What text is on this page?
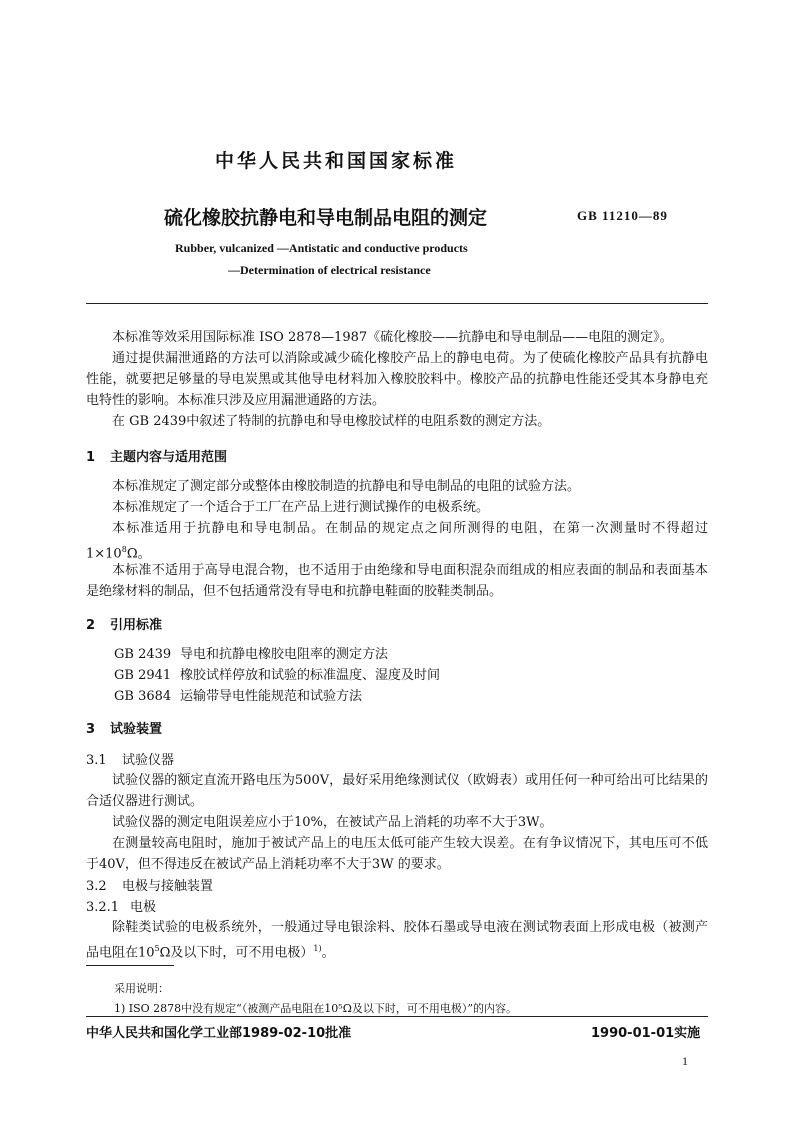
中华人民共和国国家标准
硫化橡胶抗静电和导电制品电阻的测定	GB 11210—89
Rubber, vulcanized —Antistatic and conductive products
—Determination of electrical resistance
本标准等效采用国际标准 ISO 2878—1987《硫化橡胶——抗静电和导电制品——电阻的测定》。
通过提供漏泄通路的方法可以消除或减少硫化橡胶产品上的静电电荷。为了使硫化橡胶产品具有抗静电性能，就要把足够量的导电炭黑或其他导电材料加入橡胶胶料中。橡胶产品的抗静电性能还受其本身静电充电特性的影响。本标准只涉及应用漏泄通路的方法。
在 GB 2439中叙述了特制的抗静电和导电橡胶试样的电阻系数的测定方法。
1 主题内容与适用范围
本标准规定了测定部分或整体由橡胶制造的抗静电和导电制品的电阻的试验方法。
本标准规定了一个适合于工厂在产品上进行测试操作的电极系统。
本标准适用于抗静电和导电制品。在制品的规定点之间所测得的电阻，在第一次测量时不得超过$1\times 10^8\Omega$。
本标准不适用于高导电混合物，也不适用于由绝缘和导电面积混杂而组成的相应表面的制品和表面基本是绝缘材料的制品，但不包括通常没有导电和抗静电鞋面的胶鞋类制品。
2 引用标准
GB 2439 导电和抗静电橡胶电阻率的测定方法
GB 2941 橡胶试样停放和试验的标准温度、湿度及时间
GB 3684 运输带导电性能规范和试验方法
3 试验装置
3.1 试验仪器
试验仪器的额定直流开路电压为500V，最好采用绝缘测试仪（欧姆表）或用任何一种可给出可比结果的合适仪器进行测试。
试验仪器的测定电阻误差应小于10%，在被试产品上消耗的功率不大于3W。
在测量较高电阻时，施加于被试产品上的电压太低可能产生较大误差。在有争议情况下，其电压可不低于40V，但不得违反在被试产品上消耗功率不大于3W 的要求。
3.2 电极与接触装置
3.2.1 电极
除鞋类试验的电极系统外，一般通过导电银涂料、胶体石墨或导电液在测试物表面上形成电极（被测产品电阻在$10^5\Omega$及以下时，可不用电极）$^{1)}$。
采用说明：
1) ISO 2878中没有规定“（被测产品电阻在10⁵Ω及以下时，可不用电极）”的内容。
中华人民共和国化学工业部1989-02-10批准	1990-01-01实施
1
